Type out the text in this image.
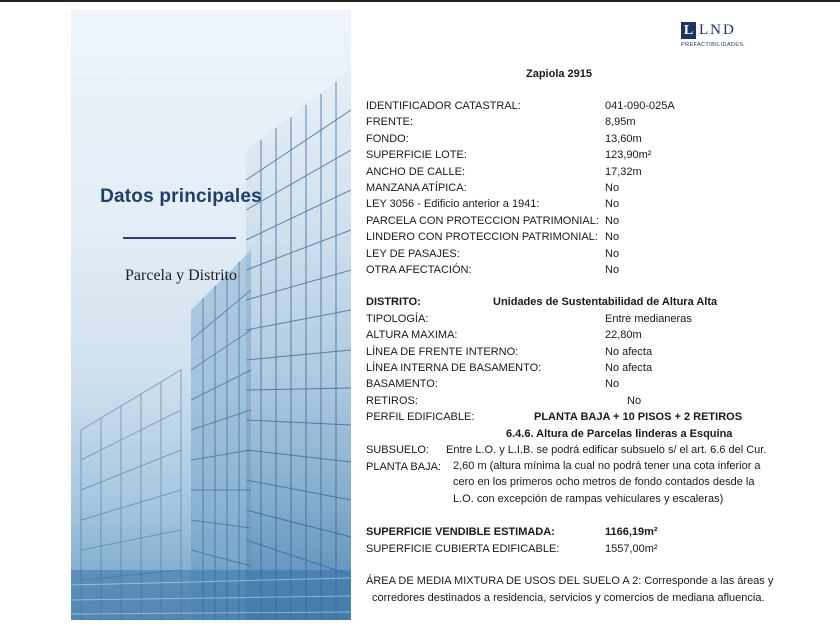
Datos principales
Parcela y Distrito
L LND
PREFACTIBILIDADES
Zapiola 2915
IDENTIFICADOR CATASTRAL:	041-090-025A
FRENTE:	8,95m
FONDO:	13,60m
SUPERFICIE LOTE:	123,90m²
ANCHO DE CALLE:	17,32m
MANZANA ATÍPICA:	No
LEY 3056 - Edificio anterior a 1941:	No
PARCELA CON PROTECCION PATRIMONIAL: No
LINDERO CON PROTECCION PATRIMONIAL: No
LEY DE PASAJES:	No
OTRA AFECTACIÓN:	No
DISTRITO:	Unidades de Sustentabilidad de Altura Alta
TIPOLOGÍA:	Entre medianeras
ALTURA MAXIMA:	22,80m
LÍNEA DE FRENTE INTERNO:	No afecta
LÍNEA INTERNA DE BASAMENTO:	No afecta
BASAMENTO:	No
RETIROS:	No
PERFIL EDIFICABLE:	PLANTA BAJA + 10 PISOS + 2 RETIROS
6.4.6. Altura de Parcelas linderas a Esquina
SUBSUELO: Entre L.O. y L.I.B. se podrá edificar subsuelo s/ el art. 6.6 del Cur.
PLANTA BAJA: 2,60 m (altura mínima la cual no podrá tener una cota inferior a
cero en los primeros ocho metros de fondo contados desde la
L.O. con excepción de rampas vehiculares y escaleras)
SUPERFICIE VENDIBLE ESTIMADA:	1166,19m²
SUPERFICIE CUBIERTA EDIFICABLE:	1557,00m²
ÁREA DE MEDIA MIXTURA DE USOS DEL SUELO A 2: Corresponde a las áreas y
corredores destinados a residencia, servicios y comercios de mediana afluencia.
